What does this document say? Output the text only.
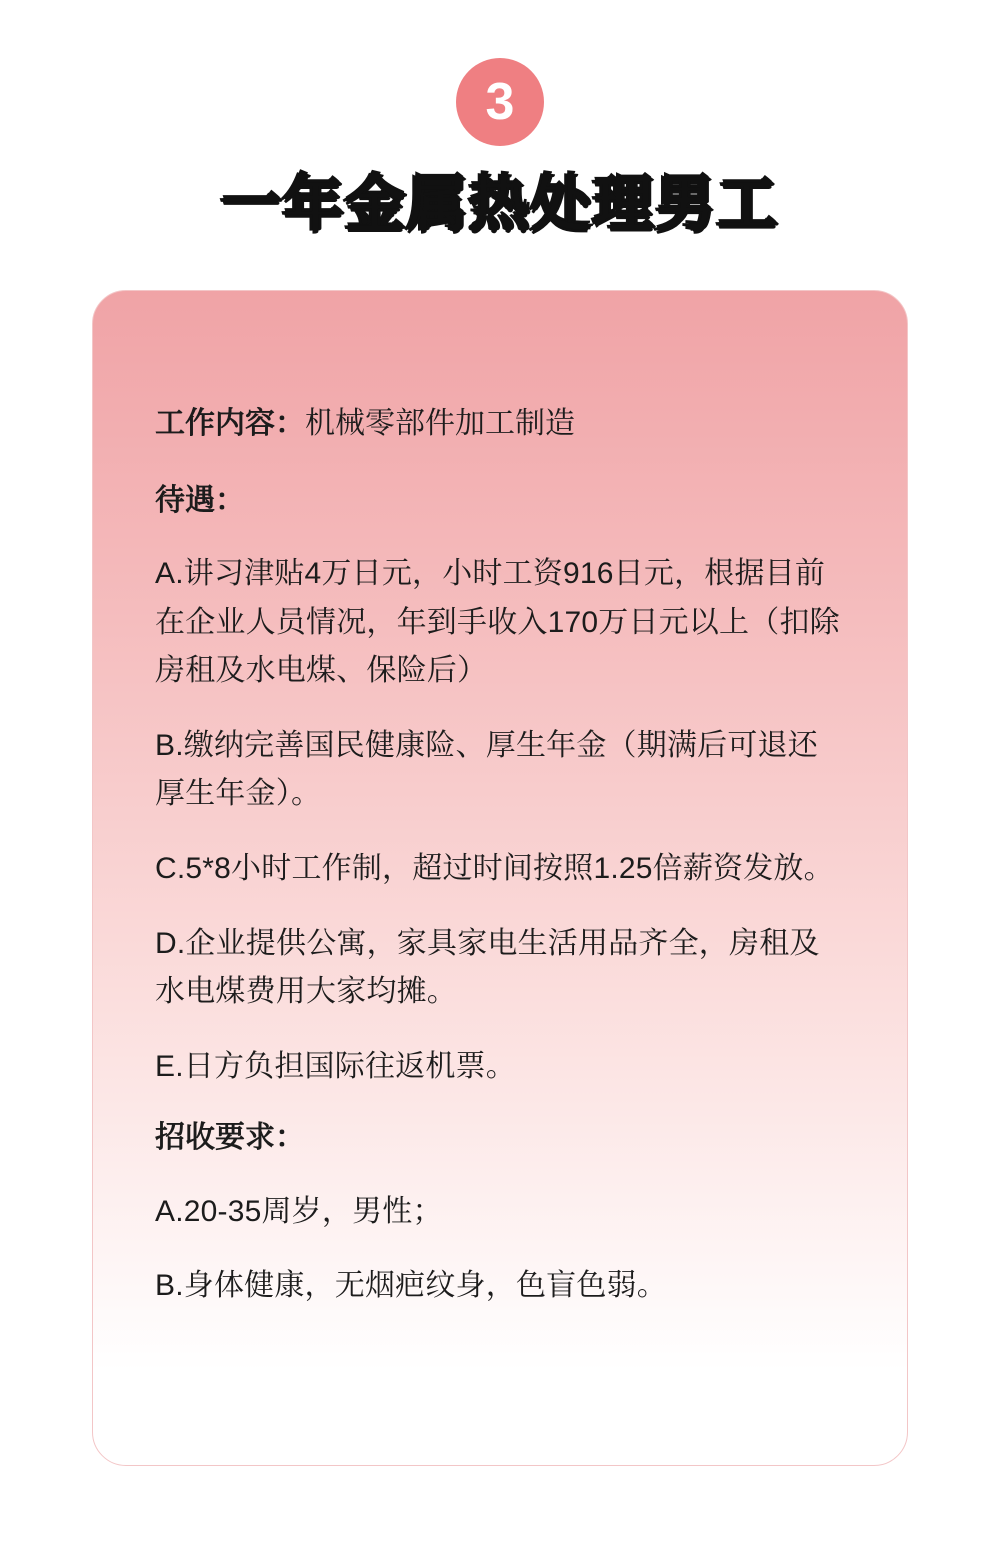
3
一年金属热处理男工
工作内容：机械零部件加工制造
待遇：
A.讲习津贴4万日元，小时工资916日元，根据目前在企业人员情况，年到手收入170万日元以上（扣除房租及水电煤、保险后）
B.缴纳完善国民健康险、厚生年金（期满后可退还厚生年金）。
C.5*8小时工作制，超过时间按照1.25倍薪资发放。
D.企业提供公寓，家具家电生活用品齐全，房租及水电煤费用大家均摊。
E.日方负担国际往返机票。
招收要求：
A.20-35周岁，男性；
B.身体健康，无烟疤纹身，色盲色弱。
